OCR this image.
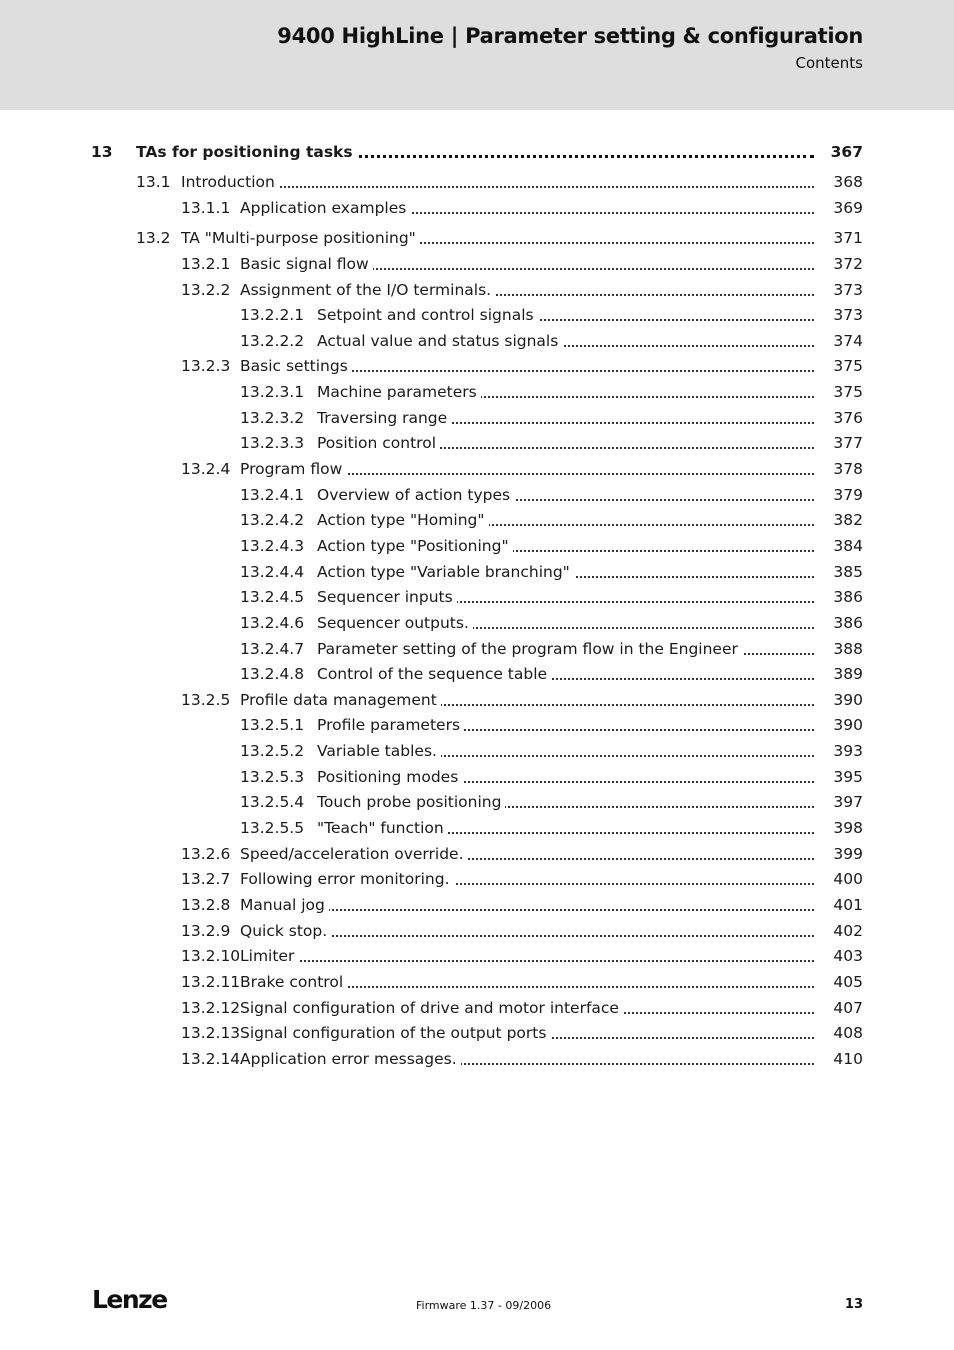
9400 HighLine | Parameter setting & configuration
Contents
13 TAs for positioning tasks	367
13.1 Introduction	368
13.1.1 Application examples	369
13.2 TA "Multi-purpose positioning"	371
13.2.1 Basic signal flow	372
13.2.2 Assignment of the I/O terminals.	373
13.2.2.1 Setpoint and control signals	373
13.2.2.2 Actual value and status signals	374
13.2.3 Basic settings	375
13.2.3.1 Machine parameters	375
13.2.3.2 Traversing range	376
13.2.3.3 Position control	377
13.2.4 Program flow	378
13.2.4.1 Overview of action types	379
13.2.4.2 Action type "Homing"	382
13.2.4.3 Action type "Positioning"	384
13.2.4.4 Action type "Variable branching"	385
13.2.4.5 Sequencer inputs	386
13.2.4.6 Sequencer outputs.	386
13.2.4.7 Parameter setting of the program flow in the Engineer	388
13.2.4.8 Control of the sequence table	389
13.2.5 Profile data management	390
13.2.5.1 Profile parameters	390
13.2.5.2 Variable tables.	393
13.2.5.3 Positioning modes	395
13.2.5.4 Touch probe positioning	397
13.2.5.5 "Teach" function	398
13.2.6 Speed/acceleration override.	399
13.2.7 Following error monitoring.	400
13.2.8 Manual jog	401
13.2.9 Quick stop.	402
13.2.10 Limiter	403
13.2.11 Brake control	405
13.2.12 Signal configuration of drive and motor interface	407
13.2.13 Signal configuration of the output ports	408
13.2.14 Application error messages.	410
Lenze	Firmware 1.37 - 09/2006	13
